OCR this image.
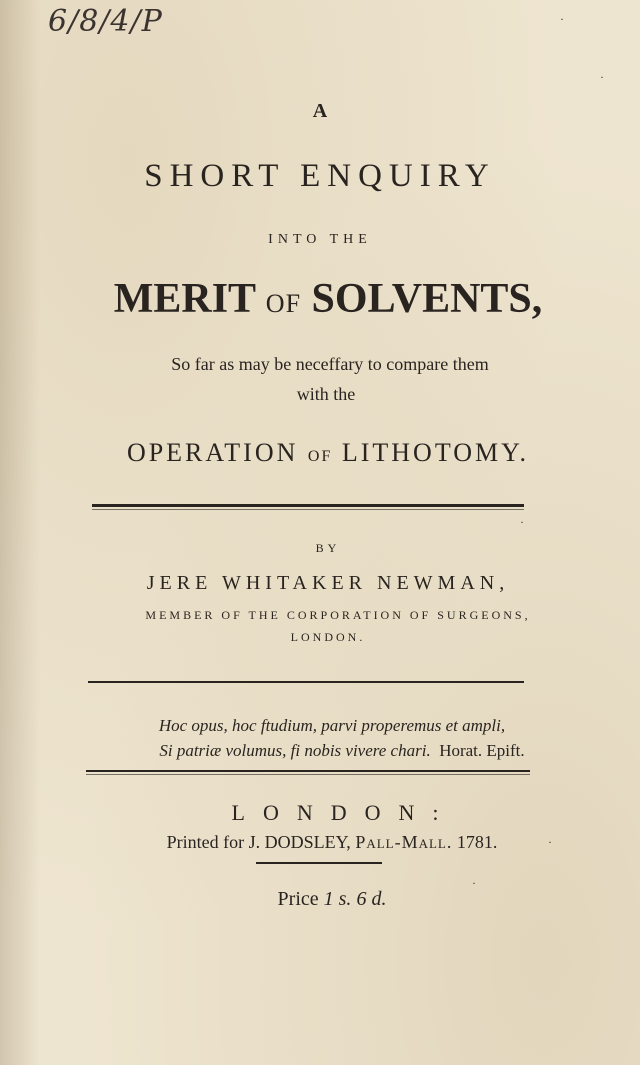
6/8/4/P
A
SHORT ENQUIRY
INTO THE
MERIT OF SOLVENTS,
So far as may be neceffary to compare them
with the
OPERATION OF LITHOTOMY.
BY
JERE WHITAKER NEWMAN,
MEMBER OF THE CORPORATION OF SURGEONS,
LONDON.
Hoc opus, hoc ftudium, parvi properemus et ampli,
Si patriæ volumus, fi nobis vivere chari. Horat. Epift.
LONDON:
Printed for J. DODSLEY, Pall-Mall. 1781.
Price 1 s. 6 d.
·
·
·
·
·
